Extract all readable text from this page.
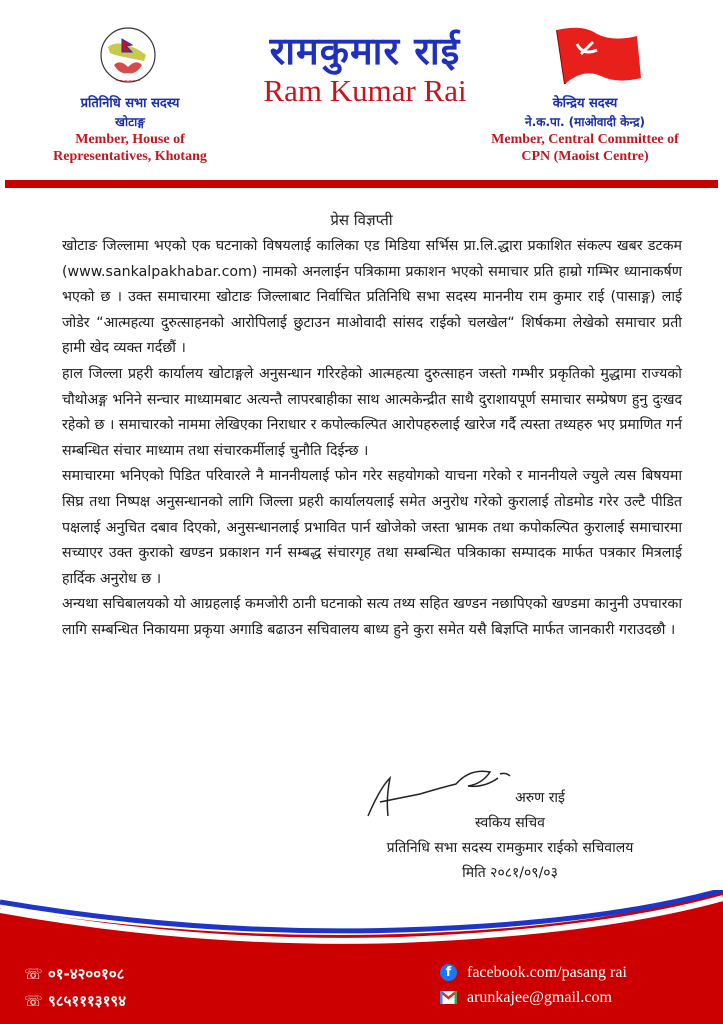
~~~~~~
प्रतिनिधि सभा सदस्य
खोटाङ्ग
Member, House of
Representatives, Khotang
रामकुमार राई
Ram Kumar Rai	केन्द्रिय सदस्य
ने.क.पा. (माओवादी केन्द्र)
Member, Central Committee of
CPN (Maoist Centre)
प्रेस विज्ञप्ती

खोटाङ जिल्लामा भएको एक घटनाको विषयलाई कालिका एड मिडिया सर्भिस प्रा.लि.द्धारा प्रकाशित संकल्प खबर डटकम (www.sankalpakhabar.com) नामको अनलाईन पत्रिकामा प्रकाशन भएको समाचार प्रति हाम्रो गम्भिर ध्यानाकर्षण भएको छ । उक्त समाचारमा खोटाङ जिल्लाबाट निर्वाचित प्रतिनिधि सभा सदस्य माननीय राम कुमार राई (पासाङ्ग) लाई जोडेर “आत्महत्या दुरुत्साहनको आरोपिलाई छुटाउन माओवादी सांसद राईको चलखेल“ शिर्षकमा लेखेको समाचार प्रती हामी खेद व्यक्त गर्दछौं ।

हाल जिल्ला प्रहरी कार्यालय खोटाङ्गले अनुसन्धान गरिरहेको आत्महत्या दुरुत्साहन जस्तो गम्भीर प्रकृतिको मुद्धामा राज्यको चौथोअङ्ग भनिने सन्चार माध्यामबाट अत्यन्तै लापरबाहीका साथ आत्मकेन्द्रीत साथै दुराशायपूर्ण समाचार सम्प्रेषण हुनु दुःखद रहेको छ । समाचारको नाममा लेखिएका निराधार र कपोल्कल्पित आरोपहरुलाई खारेज गर्दै त्यस्ता तथ्यहरु भए प्रमाणित गर्न सम्बन्धित संचार माध्याम तथा संचारकर्मीलाई चुनौति दिईन्छ ।

समाचारमा भनिएको पिडित परिवारले नै माननीयलाई फोन गरेर सहयोगको याचना गरेको र माननीयले ज्युले त्यस बिषयमा सिघ्र तथा निष्पक्ष अनुसन्धानको लागि जिल्ला प्रहरी कार्यालयलाई समेत अनुरोध गरेको कुरालाई तोडमोड गरेर उल्टै पीडित पक्षलाई अनुचित दबाव दिएको, अनुसन्धानलाई प्रभावित पार्न खोजेको जस्ता भ्रामक तथा कपोकल्पित कुरालाई समाचारमा सच्याएर उक्त कुराको खण्डन प्रकाशन गर्न सम्बद्ध संचारगृह तथा सम्बन्धित पत्रिकाका सम्पादक मार्फत पत्रकार मित्रलाई हार्दिक अनुरोध छ ।

अन्यथा सचिबालयको यो आग्रहलाई कमजोरी ठानी घटनाको सत्य तथ्य सहित खण्डन नछापिएको खण्डमा कानुनी उपचारका लागि सम्बन्धित निकायमा प्रकृया अगाडि बढाउन सचिवालय बाध्य हुने कुरा समेत यसै बिज्ञप्ति मार्फत जानकारी गराउदछौ ।

अरुण राई
स्वकिय सचिव
प्रतिनिधि सभा सदस्य रामकुमार राईको सचिवालय
मिति २०८१/०९/०३
☏ ०१-४२००१०८
☏ ९८५१११३१९४
f facebook.com/pasang rai
arunkajee@gmail.com
